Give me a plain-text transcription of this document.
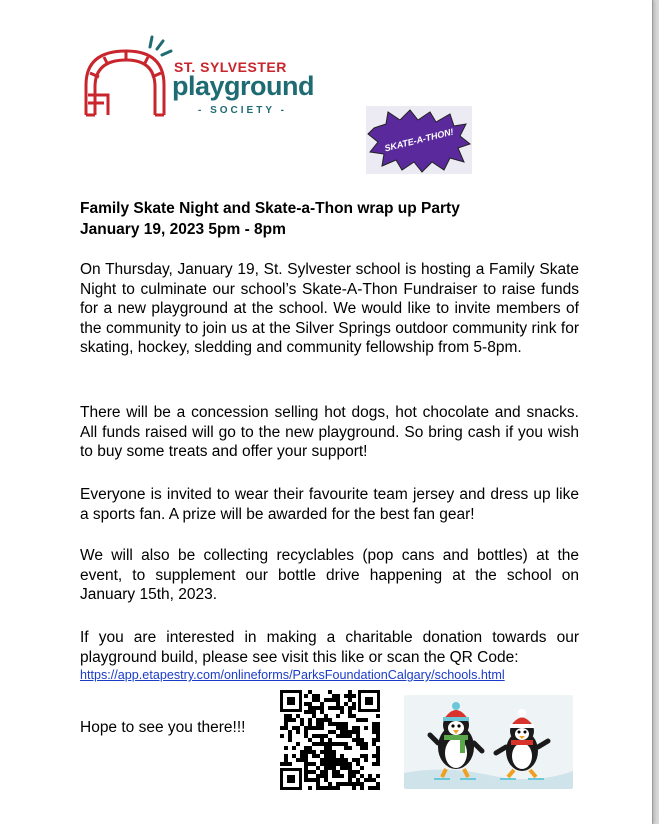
ST. SYLVESTER
playground
- SOCIETY -
SKATE-A-THON!
Family Skate Night and Skate-a-Thon wrap up Party
January 19, 2023 5pm - 8pm

On Thursday, January 19, St. Sylvester school is hosting a Family Skate Night to culminate our school’s Skate-A-Thon Fundraiser to raise funds for a new playground at the school. We would like to invite members of the community to join us at the Silver Springs outdoor community rink for skating, hockey, sledding and community fellowship from 5-8pm.

There will be a concession selling hot dogs, hot chocolate and snacks. All funds raised will go to the new playground. So bring cash if you wish to buy some treats and offer your support!

Everyone is invited to wear their favourite team jersey and dress up like a sports fan. A prize will be awarded for the best fan gear!

We will also be collecting recyclables (pop cans and bottles) at the event, to supplement our bottle drive happening at the school on January 15th, 2023.

If you are interested in making a charitable donation towards our playground build, please see visit this like or scan the QR Code:

https://app.etapestry.com/onlineforms/ParksFoundationCalgary/schools.html
Hope to see you there!!!
